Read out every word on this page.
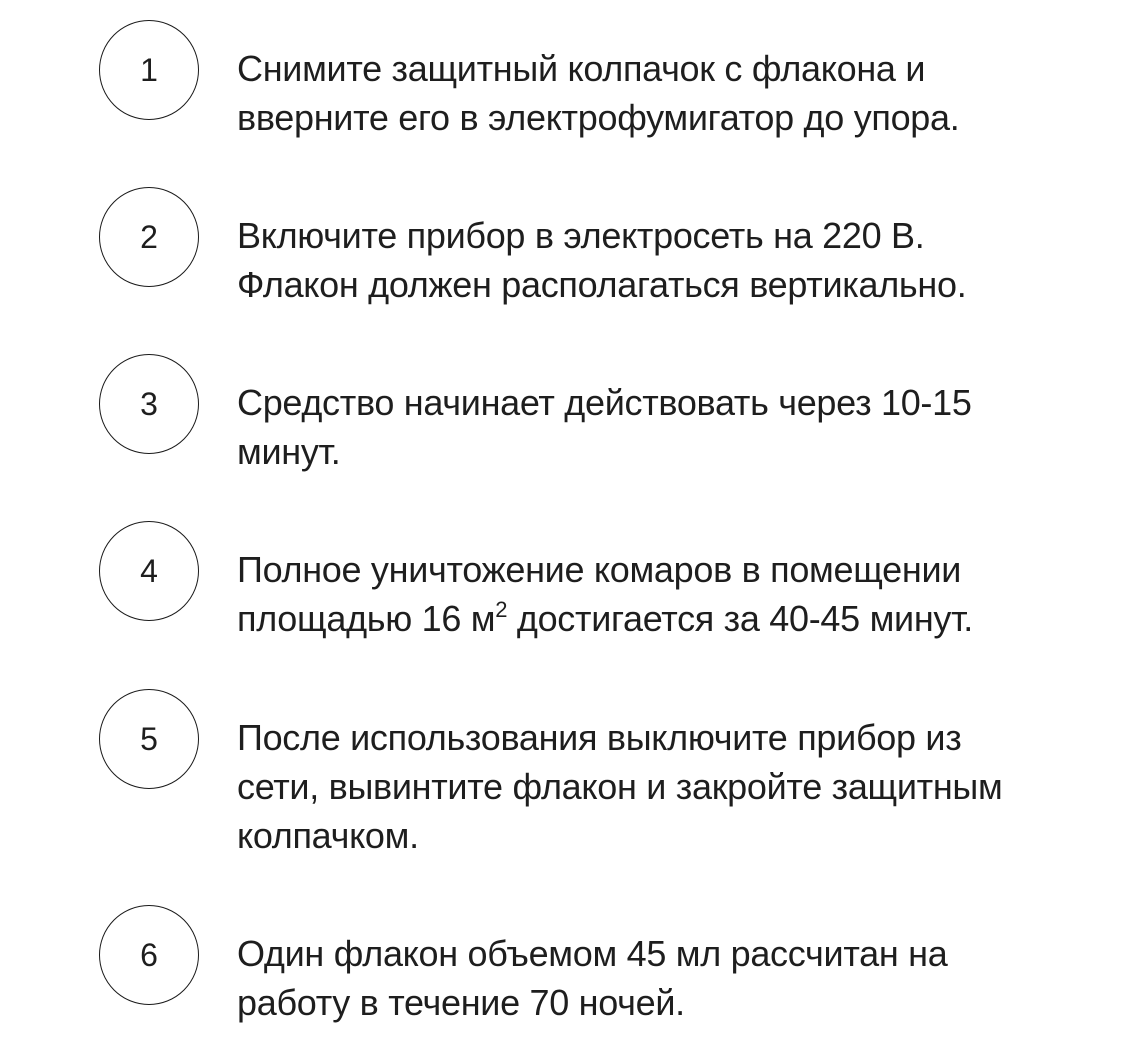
1	Снимите защитный колпачок с флакона и
вверните его в электрофумигатор до упора.
2	Включите прибор в электросеть на 220 В.
Флакон должен располагаться вертикально.
3	Средство начинает действовать через 10-15
минут.
4	Полное уничтожение комаров в помещении
площадью 16 $м^2$ достигается за 40-45 минут.
5	После использования выключите прибор из
сети, вывинтите флакон и закройте защитным
колпачком.
6	Один флакон объемом 45 мл рассчитан на
работу в течение 70 ночей.
